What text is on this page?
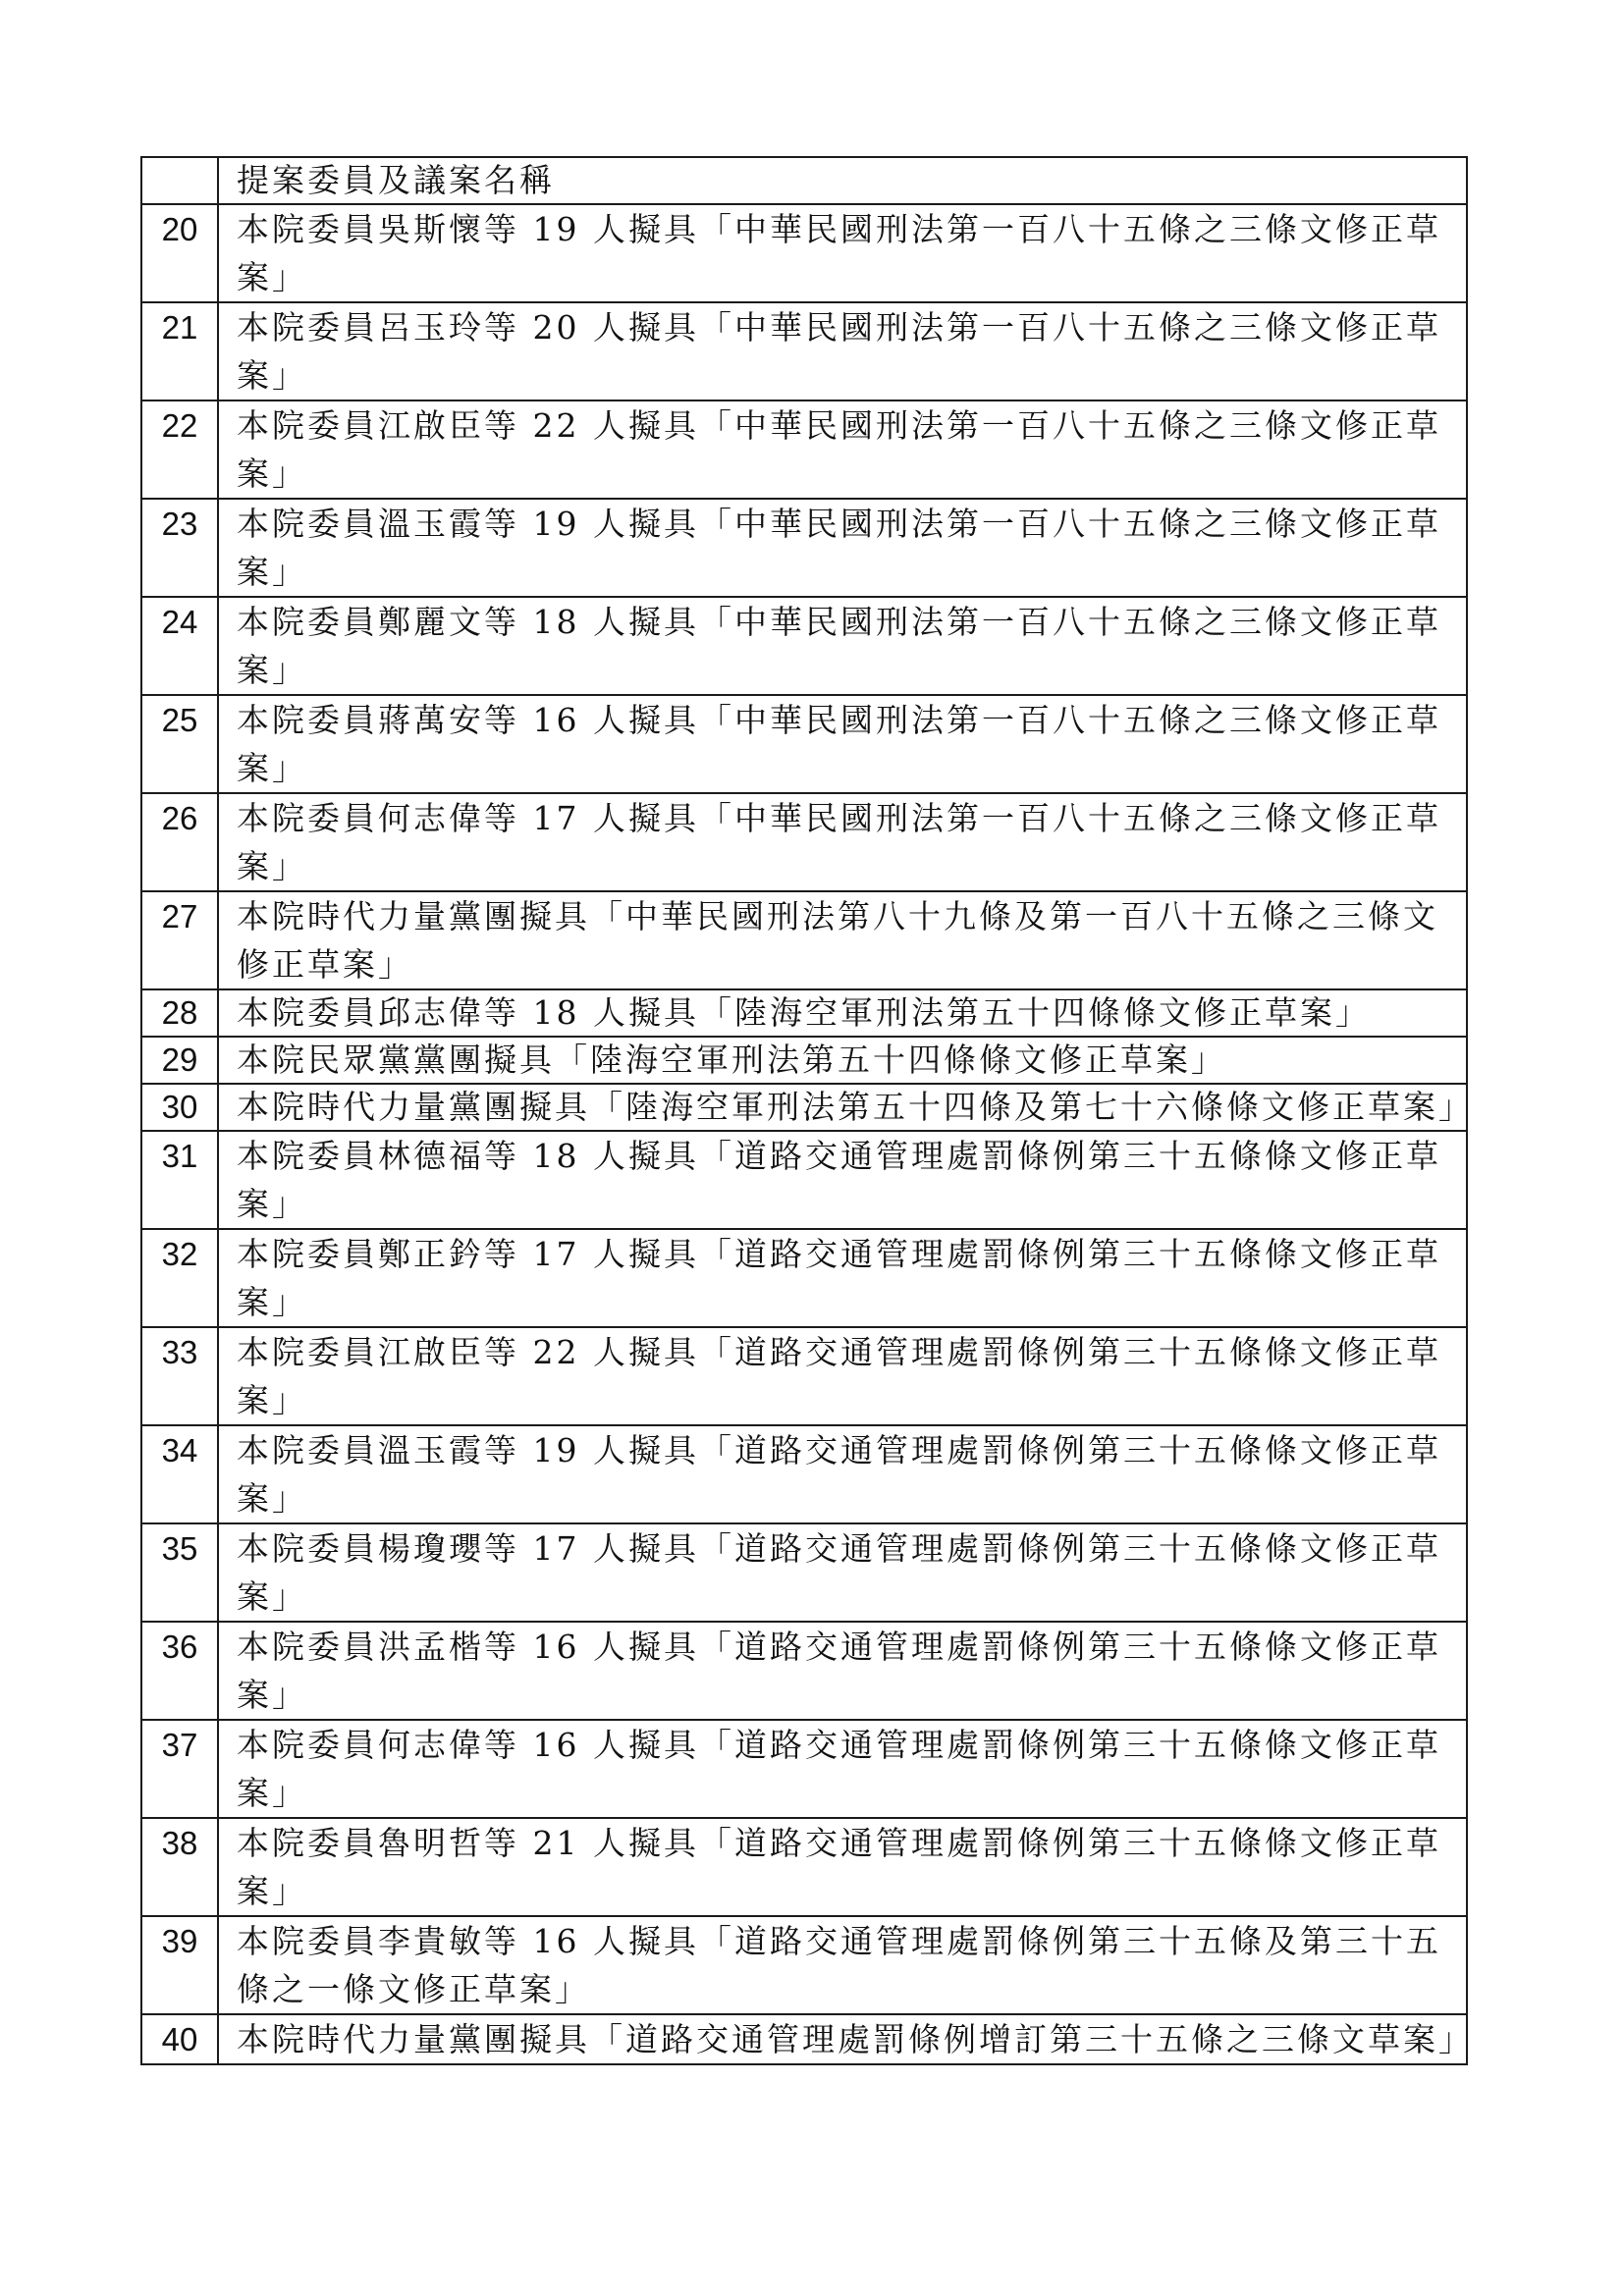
	提案委員及議案名稱
20	本院委員吳斯懷等 19 人擬具「中華民國刑法第一百八十五條之三條文修正草案」
21	本院委員呂玉玲等 20 人擬具「中華民國刑法第一百八十五條之三條文修正草案」
22	本院委員江啟臣等 22 人擬具「中華民國刑法第一百八十五條之三條文修正草案」
23	本院委員溫玉霞等 19 人擬具「中華民國刑法第一百八十五條之三條文修正草案」
24	本院委員鄭麗文等 18 人擬具「中華民國刑法第一百八十五條之三條文修正草案」
25	本院委員蔣萬安等 16 人擬具「中華民國刑法第一百八十五條之三條文修正草案」
26	本院委員何志偉等 17 人擬具「中華民國刑法第一百八十五條之三條文修正草案」
27	本院時代力量黨團擬具「中華民國刑法第八十九條及第一百八十五條之三條文修正草案」
28	本院委員邱志偉等 18 人擬具「陸海空軍刑法第五十四條條文修正草案」
29	本院民眾黨黨團擬具「陸海空軍刑法第五十四條條文修正草案」
30	本院時代力量黨團擬具「陸海空軍刑法第五十四條及第七十六條條文修正草案」
31	本院委員林德福等 18 人擬具「道路交通管理處罰條例第三十五條條文修正草案」
32	本院委員鄭正鈐等 17 人擬具「道路交通管理處罰條例第三十五條條文修正草案」
33	本院委員江啟臣等 22 人擬具「道路交通管理處罰條例第三十五條條文修正草案」
34	本院委員溫玉霞等 19 人擬具「道路交通管理處罰條例第三十五條條文修正草案」
35	本院委員楊瓊瓔等 17 人擬具「道路交通管理處罰條例第三十五條條文修正草案」
36	本院委員洪孟楷等 16 人擬具「道路交通管理處罰條例第三十五條條文修正草案」
37	本院委員何志偉等 16 人擬具「道路交通管理處罰條例第三十五條條文修正草案」
38	本院委員魯明哲等 21 人擬具「道路交通管理處罰條例第三十五條條文修正草案」
39	本院委員李貴敏等 16 人擬具「道路交通管理處罰條例第三十五條及第三十五條之一條文修正草案」
40	本院時代力量黨團擬具「道路交通管理處罰條例增訂第三十五條之三條文草案」
